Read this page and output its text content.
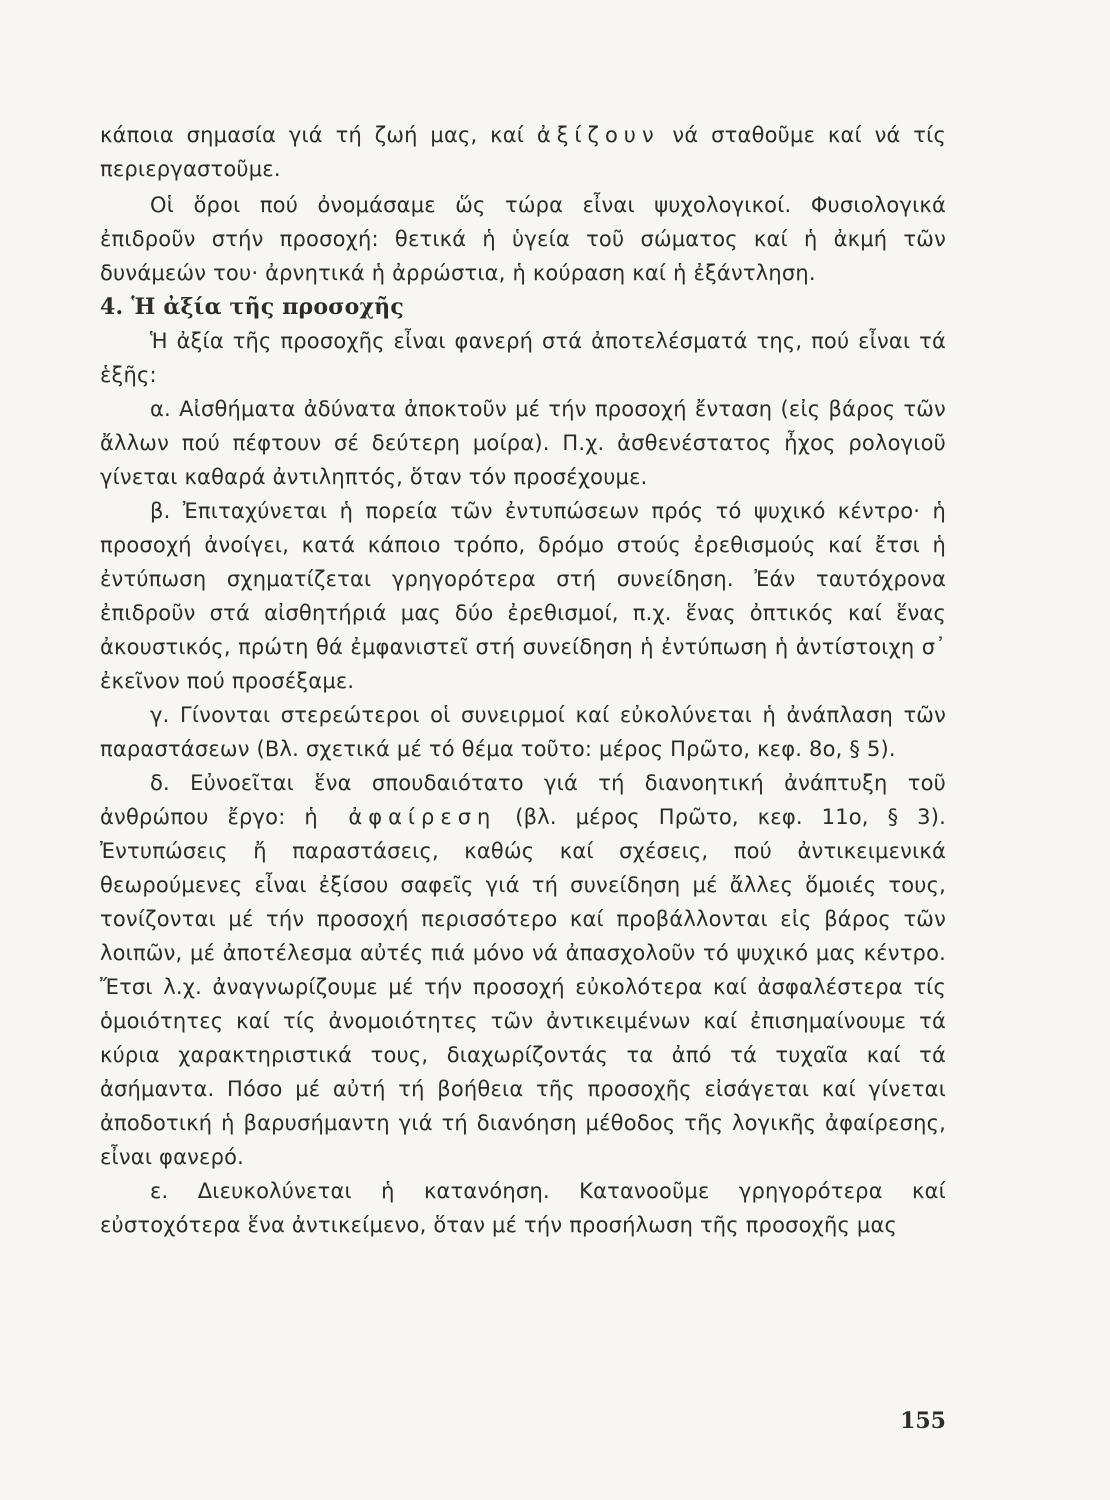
κάποια σημασία γιά τή ζωή μας, καί ἀξίζουν νά σταθοῦμε καί νά τίς περιεργαστοῦμε.

Οἱ ὅροι πού ὀνομάσαμε ὥς τώρα εἶναι ψυχολογικοί. Φυσιολογικά ἐπιδροῦν στήν προσοχή: θετικά ἡ ὑγεία τοῦ σώματος καί ἡ ἀκμή τῶν δυνάμεών του· ἀρνητικά ἡ ἀρρώστια, ἡ κούραση καί ἡ ἐξάντληση.

4. Ἡ ἀξία τῆς προσοχῆς

Ἡ ἀξία τῆς προσοχῆς εἶναι φανερή στά ἀποτελέσματά της, πού εἶναι τά ἑξῆς:

α. Αἰσθήματα ἀδύνατα ἀποκτοῦν μέ τήν προσοχή ἔνταση (εἰς βάρος τῶν ἄλλων πού πέφτουν σέ δεύτερη μοίρα). Π.χ. ἀσθενέστατος ἦχος ρολογιοῦ γίνεται καθαρά ἀντιληπτός, ὅταν τόν προσέχουμε.

β. Ἐπιταχύνεται ἡ πορεία τῶν ἐντυπώσεων πρός τό ψυχικό κέντρο· ἡ προσοχή ἀνοίγει, κατά κάποιο τρόπο, δρόμο στούς ἐρεθισμούς καί ἔτσι ἡ ἐντύπωση σχηματίζεται γρηγορότερα στή συνείδηση. Ἐάν ταυτόχρονα ἐπιδροῦν στά αἰσθητήριά μας δύο ἐρεθισμοί, π.χ. ἕνας ὀπτικός καί ἕνας ἀκουστικός, πρώτη θά ἐμφανιστεῖ στή συνείδηση ἡ ἐντύπωση ἡ ἀντίστοιχη σ᾿ ἐκεῖνον πού προσέξαμε.

γ. Γίνονται στερεώτεροι οἱ συνειρμοί καί εὐκολύνεται ἡ ἀνάπλαση τῶν παραστάσεων (Βλ. σχετικά μέ τό θέμα τοῦτο: μέρος Πρῶτο, κεφ. 8ο, § 5).

δ. Εὐνοεῖται ἕνα σπουδαιότατο γιά τή διανοητική ἀνάπτυξη τοῦ ἀνθρώπου ἔργο: ἡ ἀφαίρεση (βλ. μέρος Πρῶτο, κεφ. 11ο, § 3). Ἐντυπώσεις ἤ παραστάσεις, καθώς καί σχέσεις, πού ἀντικειμενικά θεωρούμενες εἶναι ἐξίσου σαφεῖς γιά τή συνείδηση μέ ἄλλες ὅμοιές τους, τονίζονται μέ τήν προσοχή περισσότερο καί προβάλλονται εἰς βάρος τῶν λοιπῶν, μέ ἀποτέλεσμα αὐτές πιά μόνο νά ἀπασχολοῦν τό ψυχικό μας κέντρο. Ἔτσι λ.χ. ἀναγνωρίζουμε μέ τήν προσοχή εὐκολότερα καί ἀσφαλέστερα τίς ὁμοιότητες καί τίς ἀνομοιότητες τῶν ἀντικειμένων καί ἐπισημαίνουμε τά κύρια χαρακτηριστικά τους, διαχωρίζοντάς τα ἀπό τά τυχαῖα καί τά ἀσήμαντα. Πόσο μέ αὐτή τή βοήθεια τῆς προσοχῆς εἰσάγεται καί γίνεται ἀποδοτική ἡ βαρυσήμαντη γιά τή διανόηση μέθοδος τῆς λογικῆς ἀφαίρεσης, εἶναι φανερό.

ε. Διευκολύνεται ἡ κατανόηση. Κατανοοῦμε γρηγορότερα καί εὐστοχότερα ἕνα ἀντικείμενο, ὅταν μέ τήν προσήλωση τῆς προσοχῆς μας

155
